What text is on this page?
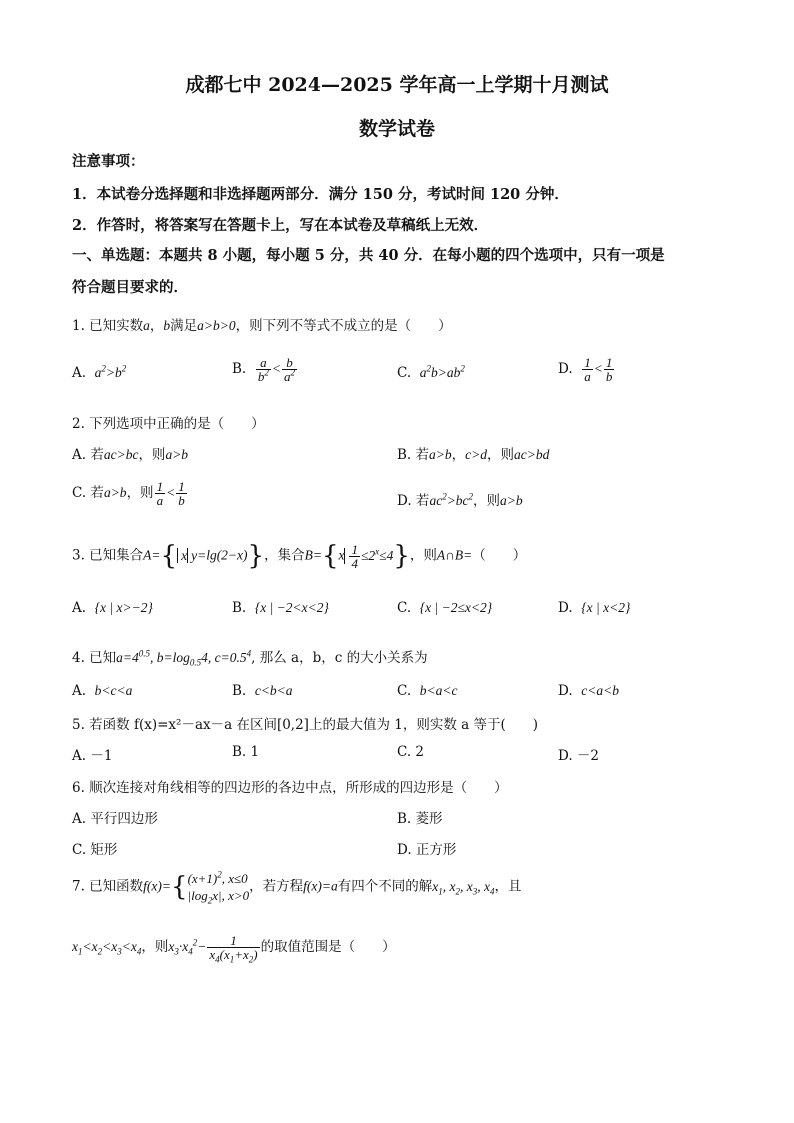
成都七中 2024—2025 学年高一上学期十月测试
数学试卷
注意事项：
1．本试卷分选择题和非选择题两部分．满分 150 分，考试时间 120 分钟．
2．作答时，将答案写在答题卡上，写在本试卷及草稿纸上无效．
一、单选题：本题共 8 小题，每小题 5 分，共 40 分．在每小题的四个选项中，只有一项是
符合题目要求的．
1. 已知实数a，b满足a>b>0，则下列不等式不成立的是（　　）
A. $a^2>b^2$	B. $\frac{a}{b^2} < \frac{b}{a^2}$	C. $a^2b>ab^2$	D. $\frac{1}{a} < \frac{1}{b}$
2. 下列选项中正确的是（　　）
A. 若ac>bc，则a>b	B. 若a>b，c>d，则ac>bd
C. 若a>b，则 $\frac{1}{a} < \frac{1}{b}$	D. 若$ac^2>bc^2$，则a>b
3. 已知集合A={ x y=lg(2−x)}，集合$B=\{x \frac{1}{4} \le 2^x\le 4\}$，则A∩B=（　　）
A. {x | x>−2}	B. {x | −2<x<2}	C. {x | −2≤x<2}	D. {x | x<2}
4. 已知$a=4^{0.5}$, $b=\log_{0.5}4$, $c=0.5^4$, 那么 a，b，c 的大小关系为
A. b<c<a	B. c<b<a	C. b<a<c	D. c<a<b
5. 若函数 f(x)=x²－ax－a 在区间[0,2]上的最大值为 1，则实数 a 等于(　　)
A. －1	B. 1	C. 2	D. －2
6. 顺次连接对角线相等的四边形的各边中点，所形成的四边形是（　　）
A. 平行四边形	B. 菱形
C. 矩形	D. 正方形
7. 已知函数f(x)={ $(x+1)^2$, x≤0
$|\log_2x|$, x>0
，若方程f(x)=a有四个不同的解$x_1$, $x_2$, $x_3$, $x_4$，且
$x_1<x_2<x_3<x_4$，则$x_3\cdot x_4^2- \frac{1}{x_4(x_1+x_2)}$ 的取值范围是（　　）
